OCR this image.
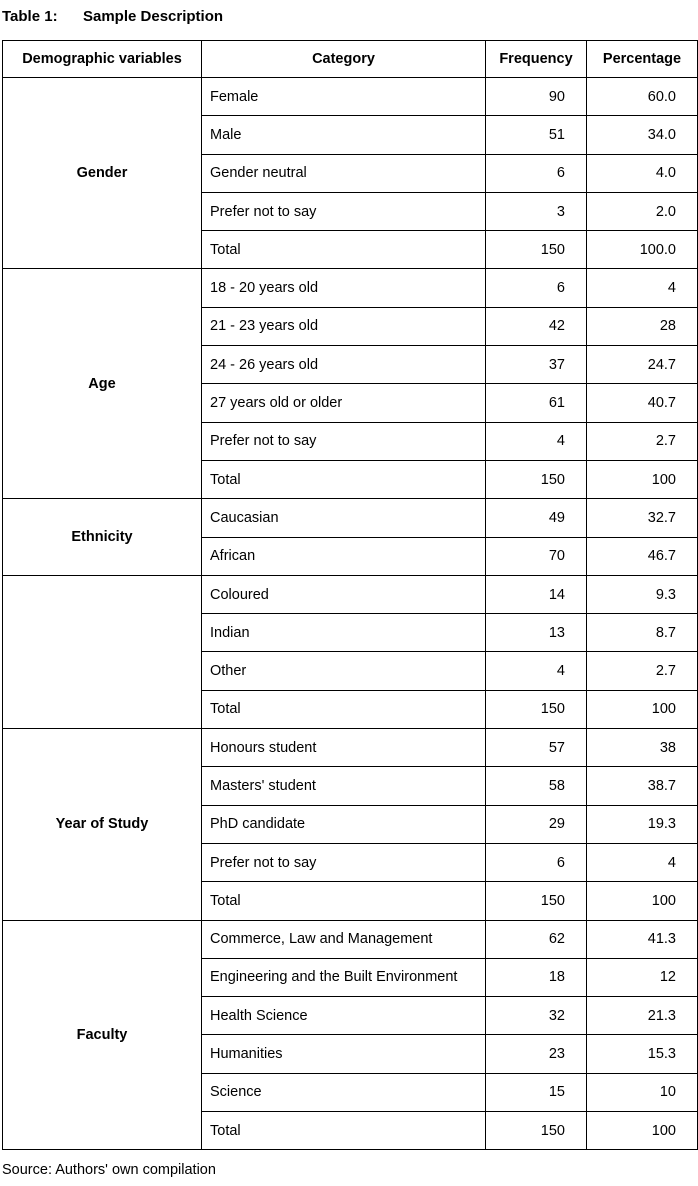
Table 1: Sample Description
Demographic variables	Category	Frequency	Percentage
Gender	Female	90	60.0
	Male	51	34.0
	Gender neutral	6	4.0
	Prefer not to say	3	2.0
	Total	150	100.0
Age	18 - 20 years old	6	4
	21 - 23 years old	42	28
	24 - 26 years old	37	24.7
	27 years old or older	61	40.7
	Prefer not to say	4	2.7
	Total	150	100
Ethnicity	Caucasian	49	32.7
	African	70	46.7
	Coloured	14	9.3
	Indian	13	8.7
	Other	4	2.7
	Total	150	100
Year of Study	Honours student	57	38
	Masters' student	58	38.7
	PhD candidate	29	19.3
	Prefer not to say	6	4
	Total	150	100
Faculty	Commerce, Law and Management	62	41.3
	Engineering and the Built Environment	18	12
	Health Science	32	21.3
	Humanities	23	15.3
	Science	15	10
	Total	150	100
Source: Authors' own compilation
